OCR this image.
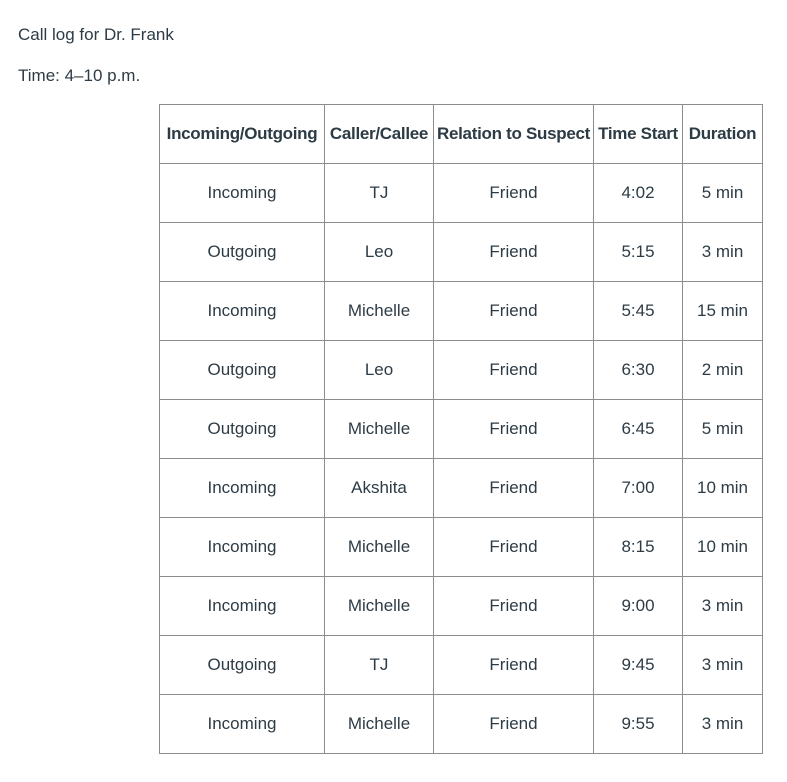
Call log for Dr. Frank

Time: 4–10 p.m.

Incoming/Outgoing	Caller/Callee	Relation to Suspect	Time Start	Duration
Incoming	TJ	Friend	4:02	5 min
Outgoing	Leo	Friend	5:15	3 min
Incoming	Michelle	Friend	5:45	15 min
Outgoing	Leo	Friend	6:30	2 min
Outgoing	Michelle	Friend	6:45	5 min
Incoming	Akshita	Friend	7:00	10 min
Incoming	Michelle	Friend	8:15	10 min
Incoming	Michelle	Friend	9:00	3 min
Outgoing	TJ	Friend	9:45	3 min
Incoming	Michelle	Friend	9:55	3 min
